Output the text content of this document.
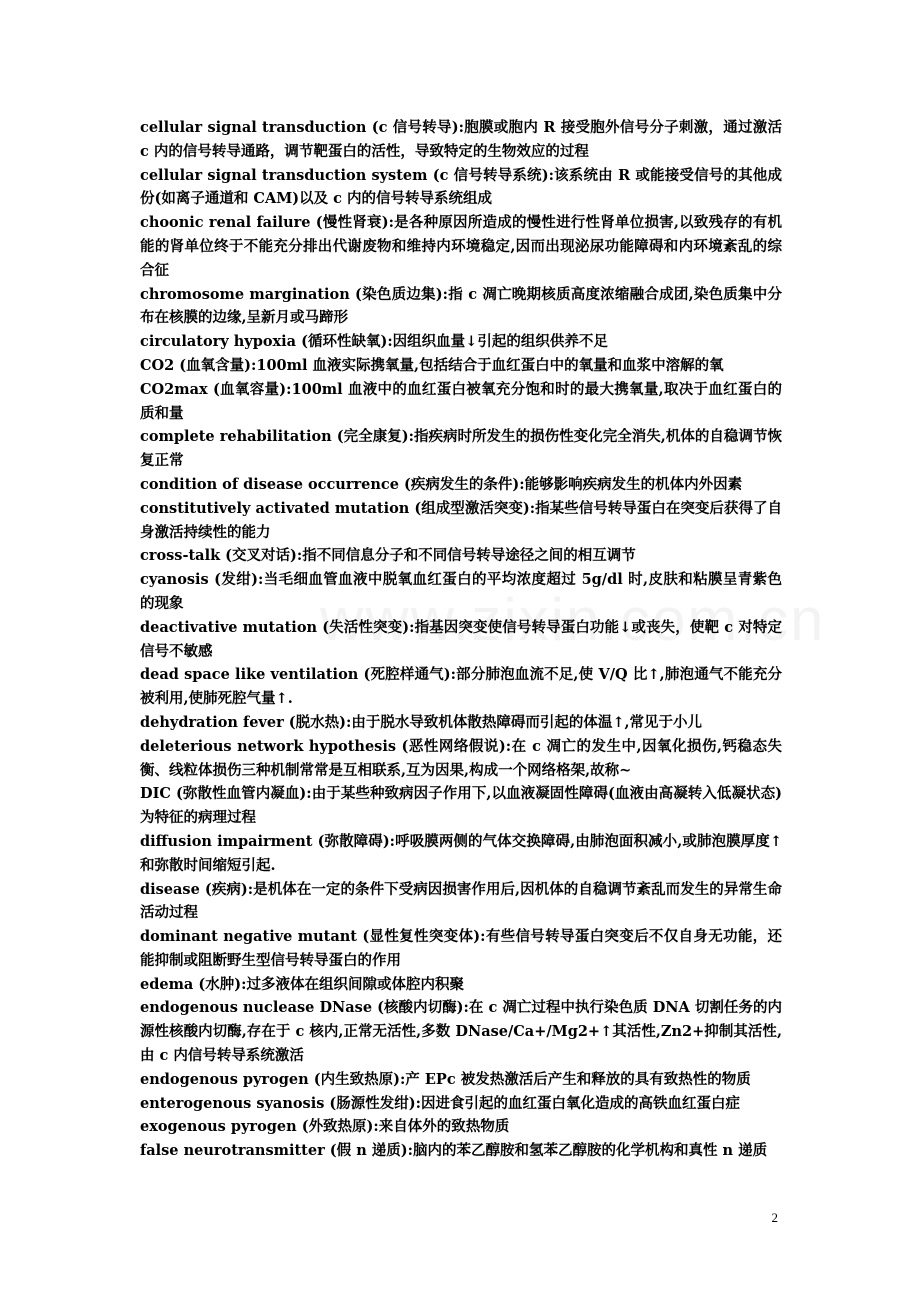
cellular signal transduction (c 信号转导):胞膜或胞内 R 接受胞外信号分子刺激，通过激活 c 内的信号转导通路，调节靶蛋白的活性，导致特定的生物效应的过程

cellular signal transduction system (c 信号转导系统):该系统由 R 或能接受信号的其他成份(如离子通道和 CAM)以及 c 内的信号转导系统组成

choonic renal failure (慢性肾衰):是各种原因所造成的慢性进行性肾单位损害,以致残存的有机能的肾单位终于不能充分排出代谢废物和维持内环境稳定,因而出现泌尿功能障碍和内环境紊乱的综合征

chromosome margination (染色质边集):指 c 凋亡晚期核质高度浓缩融合成团,染色质集中分布在核膜的边缘,呈新月或马蹄形

circulatory hypoxia (循环性缺氧):因组织血量↓引起的组织供养不足

CO2 (血氧含量):100ml 血液实际携氧量,包括结合于血红蛋白中的氧量和血浆中溶解的氧

CO2max (血氧容量):100ml 血液中的血红蛋白被氧充分饱和时的最大携氧量,取决于血红蛋白的质和量

complete rehabilitation (完全康复):指疾病时所发生的损伤性变化完全消失,机体的自稳调节恢复正常

condition of disease occurrence (疾病发生的条件):能够影响疾病发生的机体内外因素

constitutively activated mutation (组成型激活突变):指某些信号转导蛋白在突变后获得了自身激活持续性的能力

cross-talk (交叉对话):指不同信息分子和不同信号转导途径之间的相互调节

cyanosis (发绀):当毛细血管血液中脱氧血红蛋白的平均浓度超过 5g/dl 时,皮肤和粘膜呈青紫色的现象

deactivative mutation (失活性突变):指基因突变使信号转导蛋白功能↓或丧失，使靶 c 对特定信号不敏感

dead space like ventilation (死腔样通气):部分肺泡血流不足,使 V/Q 比↑,肺泡通气不能充分被利用,使肺死腔气量↑.

dehydration fever (脱水热):由于脱水导致机体散热障碍而引起的体温↑,常见于小儿

deleterious network hypothesis (恶性网络假说):在 c 凋亡的发生中,因氧化损伤,钙稳态失衡、线粒体损伤三种机制常常是互相联系,互为因果,构成一个网络格架,故称~

DIC (弥散性血管内凝血):由于某些种致病因子作用下,以血液凝固性障碍(血液由高凝转入低凝状态)为特征的病理过程

diffusion impairment (弥散障碍):呼吸膜两侧的气体交换障碍,由肺泡面积减小,或肺泡膜厚度↑和弥散时间缩短引起.

disease (疾病):是机体在一定的条件下受病因损害作用后,因机体的自稳调节紊乱而发生的异常生命活动过程

dominant negative mutant (显性复性突变体):有些信号转导蛋白突变后不仅自身无功能，还能抑制或阻断野生型信号转导蛋白的作用

edema (水肿):过多液体在组织间隙或体腔内积聚

endogenous nuclease DNase (核酸内切酶):在 c 凋亡过程中执行染色质 DNA 切割任务的内源性核酸内切酶,存在于 c 核内,正常无活性,多数 DNase/Ca+/Mg2+↑其活性,Zn2+抑制其活性,由 c 内信号转导系统激活

endogenous pyrogen (内生致热原):产 EPc 被发热激活后产生和释放的具有致热性的物质

enterogenous syanosis (肠源性发绀):因进食引起的血红蛋白氧化造成的高铁血红蛋白症

exogenous pyrogen (外致热原):来自体外的致热物质

false neurotransmitter (假 n 递质):脑内的苯乙醇胺和氢苯乙醇胺的化学机构和真性 n 递质

2
